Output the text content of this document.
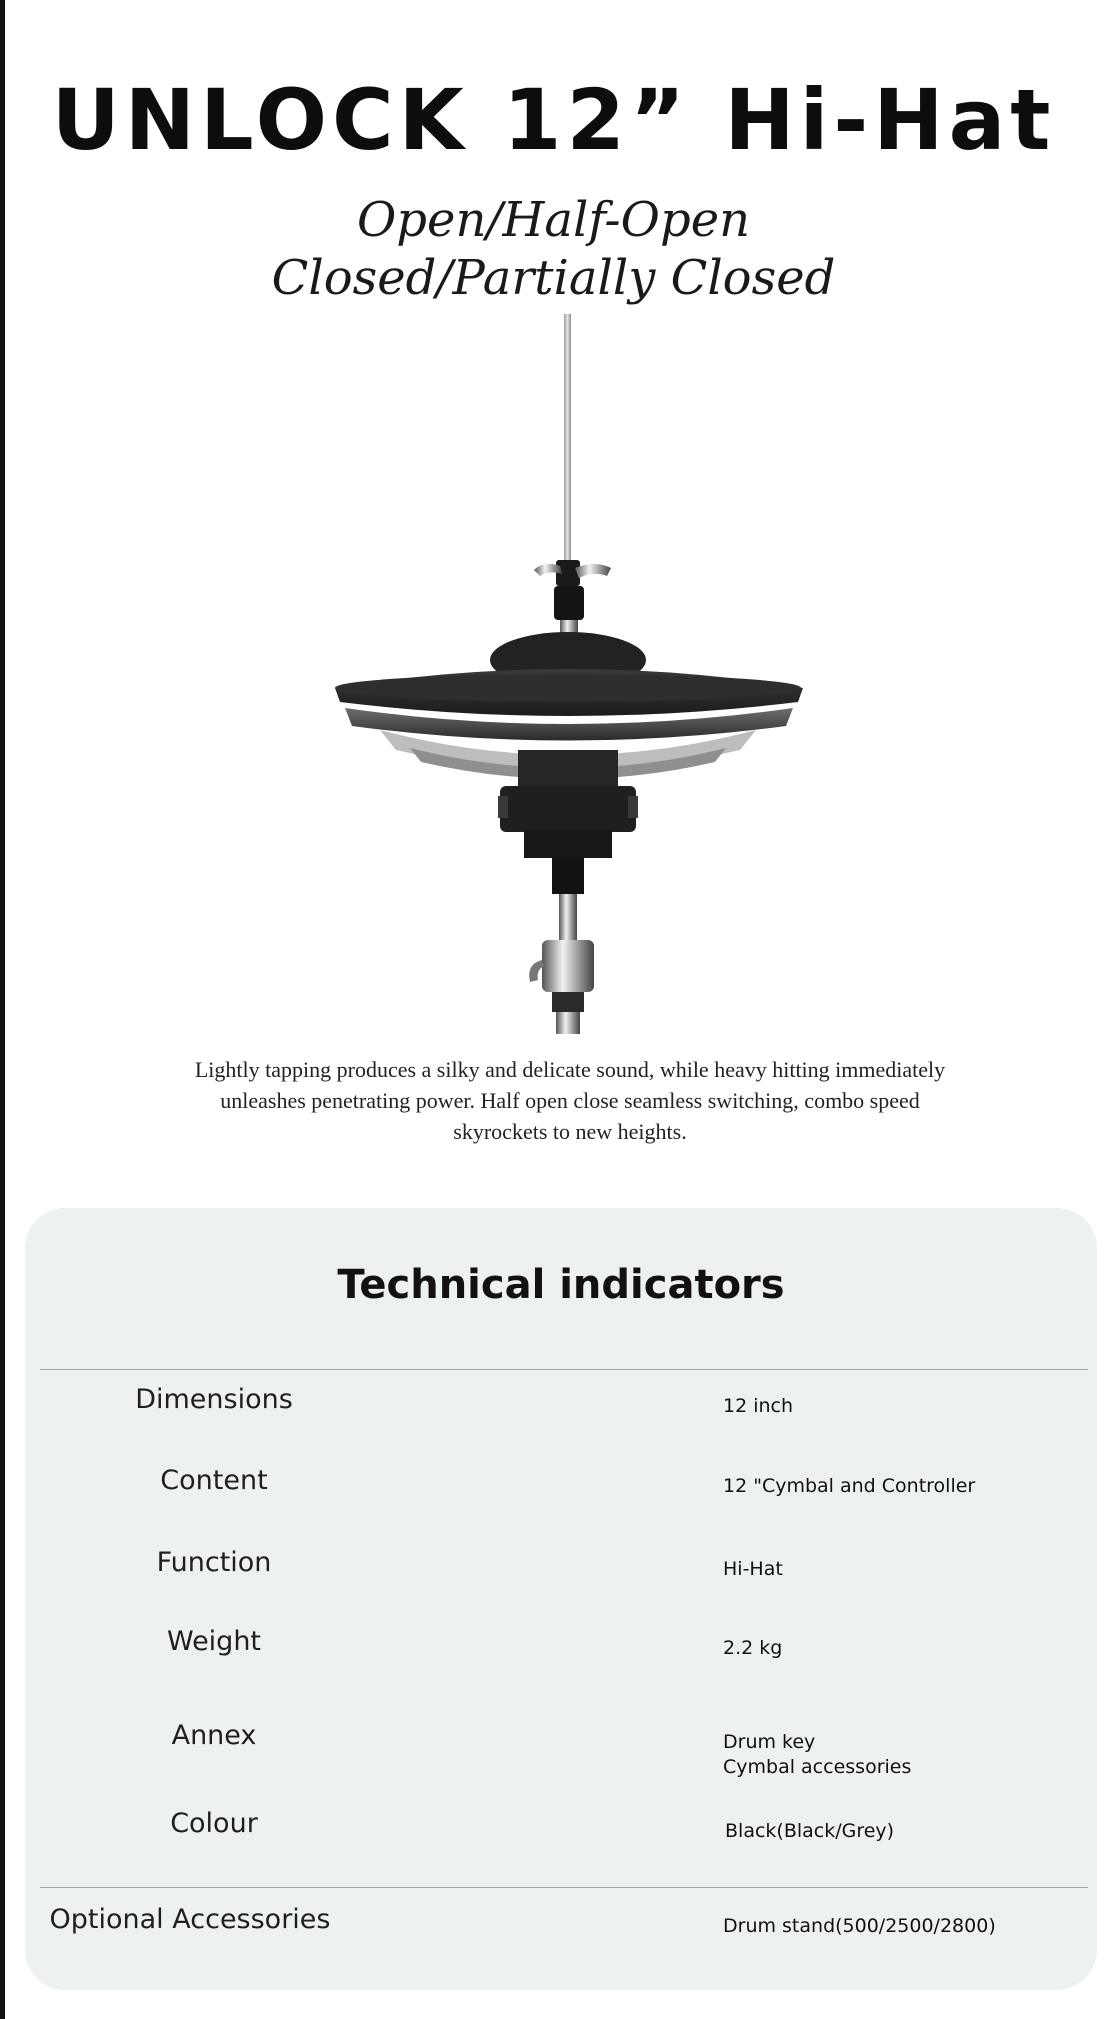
UNLOCK 12” Hi-Hat
Open/Half-Open
Closed/Partially Closed
Lightly tapping produces a silky and delicate sound, while heavy hitting immediately unleashes penetrating power. Half open close seamless switching, combo speed skyrockets to new heights.
Technical indicators
Dimensions	12 inch
Content	12 "Cymbal and Controller
Function	Hi-Hat
Weight	2.2 kg
Annex	Drum key
Cymbal accessories
Colour	Black(Black/Grey)
Optional Accessories	Drum stand(500/2500/2800)
